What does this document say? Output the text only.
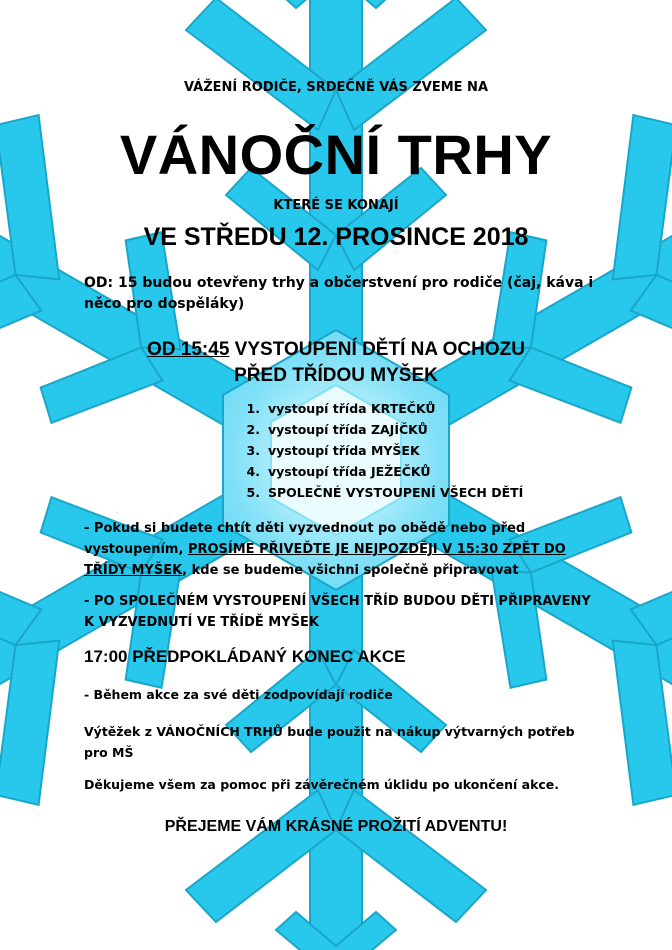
VÁŽENÍ RODIČE, SRDEČNĚ VÁS ZVEME NA
VÁNOČNÍ TRHY
KTERÉ SE KONAJÍ
VE STŘEDU 12. PROSINCE 2018
OD: 15 budou otevřeny trhy a občerstvení pro rodiče (čaj, káva i něco pro dospěláky)
OD 15:45 VYSTOUPENÍ DĚTÍ NA OCHOZU
PŘED TŘÍDOU MYŠEK
1. vystoupí třída KRTEČKŮ
2. vystoupí třída ZAJÍČKŮ
3. vystoupí třída MYŠEK
4. vystoupí třída JEŽEČKŮ
5. SPOLEČNÉ VYSTOUPENÍ VŠECH DĚTÍ
- Pokud si budete chtít děti vyzvednout po obědě nebo před vystoupením, PROSÍME PŘIVEĎTE JE NEJPOZDĚJI V 15:30 ZPĚT DO TŘÍDY MYŠEK, kde se budeme všichni společně připravovat
- PO SPOLEČNÉM VYSTOUPENÍ VŠECH TŘÍD BUDOU DĚTI PŘIPRAVENY K VYZVEDNUTÍ VE TŘÍDĚ MYŠEK
17:00 PŘEDPOKLÁDANÝ KONEC AKCE
- Během akce za své děti zodpovídají rodiče
Výtěžek z VÁNOČNÍCH TRHŮ bude použit na nákup výtvarných potřeb pro MŠ
Děkujeme všem za pomoc při závěrečném úklidu po ukončení akce.
PŘEJEME VÁM KRÁSNÉ PROŽITÍ ADVENTU!
